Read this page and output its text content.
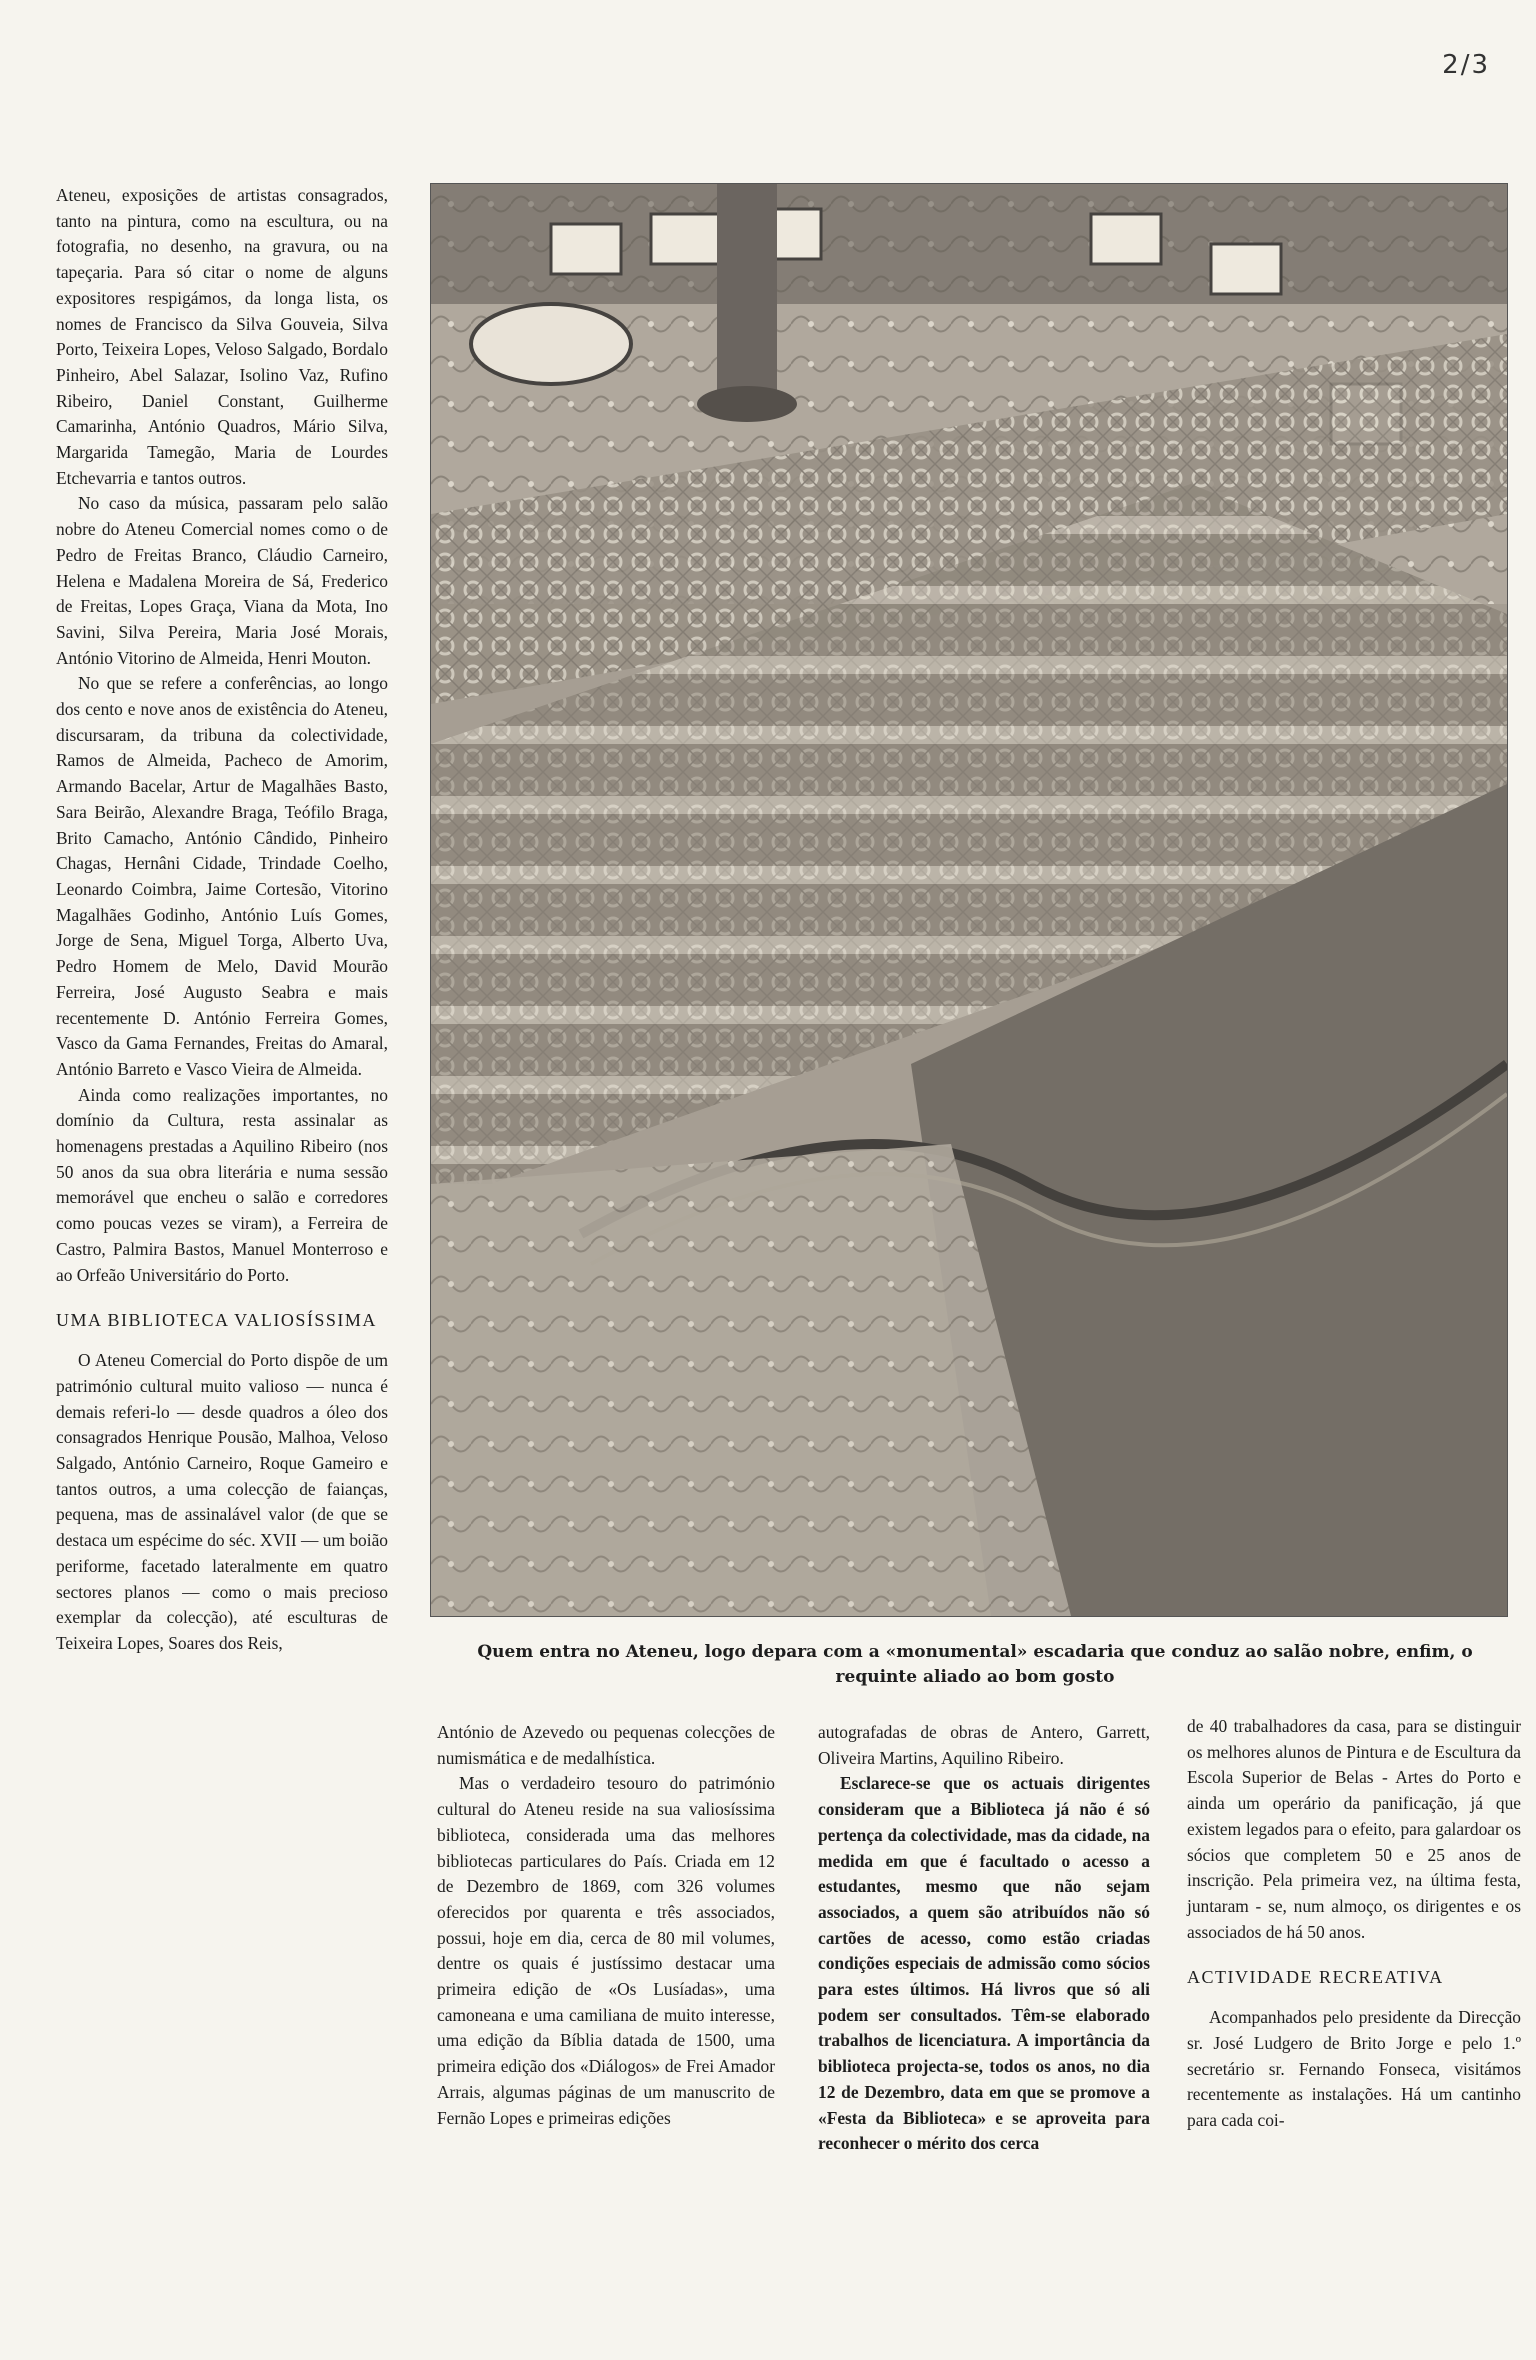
2/3

Ateneu, exposições de artistas consagrados, tanto na pintura, como na escultura, ou na fotografia, no desenho, na gravura, ou na tapeçaria. Para só citar o nome de alguns expositores respigámos, da longa lista, os nomes de Francisco da Silva Gouveia, Silva Porto, Teixeira Lopes, Veloso Salgado, Bordalo Pinheiro, Abel Salazar, Isolino Vaz, Rufino Ribeiro, Daniel Constant, Guilherme Camarinha, António Quadros, Mário Silva, Margarida Tamegão, Maria de Lourdes Etchevarria e tantos outros.

No caso da música, passaram pelo salão nobre do Ateneu Comercial nomes como o de Pedro de Freitas Branco, Cláudio Carneiro, Helena e Madalena Moreira de Sá, Frederico de Freitas, Lopes Graça, Viana da Mota, Ino Savini, Silva Pereira, Maria José Morais, António Vitorino de Almeida, Henri Mouton.

No que se refere a conferências, ao longo dos cento e nove anos de existência do Ateneu, discursaram, da tribuna da colectividade, Ramos de Almeida, Pacheco de Amorim, Armando Bacelar, Artur de Magalhães Basto, Sara Beirão, Alexandre Braga, Teófilo Braga, Brito Camacho, António Cândido, Pinheiro Chagas, Hernâni Cidade, Trindade Coelho, Leonardo Coimbra, Jaime Cortesão, Vitorino Magalhães Godinho, António Luís Gomes, Jorge de Sena, Miguel Torga, Alberto Uva, Pedro Homem de Melo, David Mourão Ferreira, José Augusto Seabra e mais recentemente D. António Ferreira Gomes, Vasco da Gama Fernandes, Freitas do Amaral, António Barreto e Vasco Vieira de Almeida.

Ainda como realizações importantes, no domínio da Cultura, resta assinalar as homenagens prestadas a Aquilino Ribeiro (nos 50 anos da sua obra literária e numa sessão memorável que encheu o salão e corredores como poucas vezes se viram), a Ferreira de Castro, Palmira Bastos, Manuel Monterroso e ao Orfeão Universitário do Porto.

UMA BIBLIOTECA VALIOSÍSSIMA

O Ateneu Comercial do Porto dispõe de um património cultural muito valioso — nunca é demais referi-lo — desde quadros a óleo dos consagrados Henrique Pousão, Malhoa, Veloso Salgado, António Carneiro, Roque Gameiro e tantos outros, a uma colecção de faianças, pequena, mas de assinalável valor (de que se destaca um espécime do séc. XVII — um boião periforme, facetado lateralmente em quatro sectores planos — como o mais precioso exemplar da colecção), até esculturas de Teixeira Lopes, Soares dos Reis,	Quem entra no Ateneu, logo depara com a «monumental» escadaria que conduz ao salão nobre, enfim, o requinte aliado ao bom gosto

António de Azevedo ou pequenas colecções de numismática e de medalhística.

Mas o verdadeiro tesouro do património cultural do Ateneu reside na sua valiosíssima biblioteca, considerada uma das melhores bibliotecas particulares do País. Criada em 12 de Dezembro de 1869, com 326 volumes oferecidos por quarenta e três associados, possui, hoje em dia, cerca de 80 mil volumes, dentre os quais é justíssimo destacar uma primeira edição de «Os Lusíadas», uma camoneana e uma camiliana de muito interesse, uma edição da Bíblia datada de 1500, uma primeira edição dos «Diálogos» de Frei Amador Arrais, algumas páginas de um manuscrito de Fernão Lopes e primeiras edições

autografadas de obras de Antero, Garrett, Oliveira Martins, Aquilino Ribeiro.

Esclarece-se que os actuais dirigentes consideram que a Biblioteca já não é só pertença da colectividade, mas da cidade, na medida em que é facultado o acesso a estudantes, mesmo que não sejam associados, a quem são atribuídos não só cartões de acesso, como estão criadas condições especiais de admissão como sócios para estes últimos. Há livros que só ali podem ser consultados. Têm-se elaborado trabalhos de licenciatura. A importância da biblioteca projecta-se, todos os anos, no dia 12 de Dezembro, data em que se promove a «Festa da Biblioteca» e se aproveita para reconhecer o mérito dos cerca

de 40 trabalhadores da casa, para se distinguir os melhores alunos de Pintura e de Escultura da Escola Superior de Belas - Artes do Porto e ainda um operário da panificação, já que existem legados para o efeito, para galardoar os sócios que completem 50 e 25 anos de inscrição. Pela primeira vez, na última festa, juntaram - se, num almoço, os dirigentes e os associados de há 50 anos.

ACTIVIDADE RECREATIVA

Acompanhados pelo presidente da Direcção sr. José Ludgero de Brito Jorge e pelo 1.º secretário sr. Fernando Fonseca, visitámos recentemente as instalações. Há um cantinho para cada coi-
